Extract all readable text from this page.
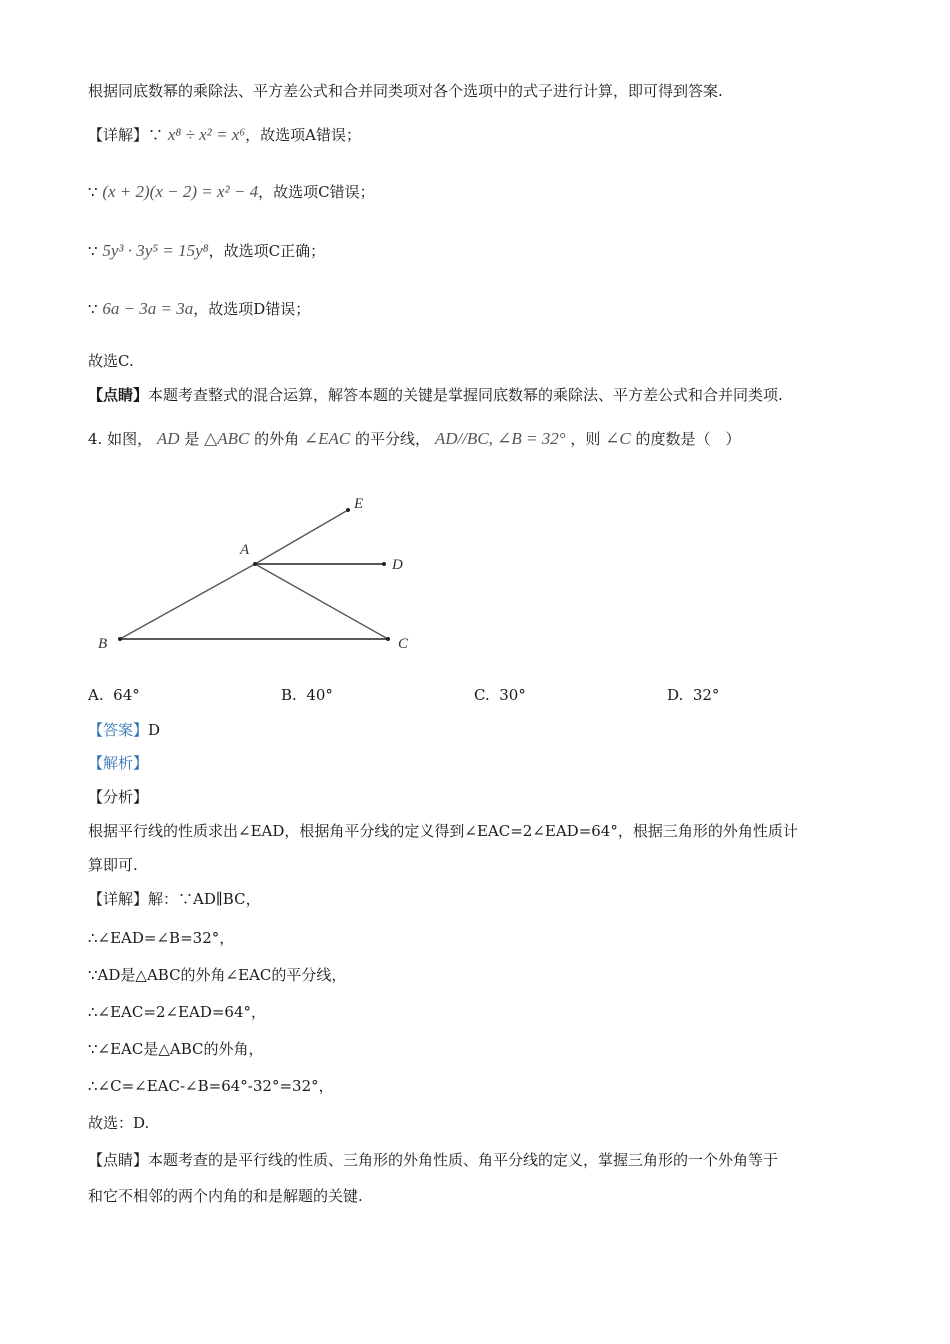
根据同底数幂的乘除法、平方差公式和合并同类项对各个选项中的式子进行计算，即可得到答案.
【详解】∵ x⁸ ÷ x² = x⁶，故选项A错误；
∵ (x + 2)(x − 2) = x² − 4，故选项C错误；
∵ 5y³ · 3y⁵ = 15y⁸，故选项C正确；
∵ 6a − 3a = 3a，故选项D错误；
故选C.
【点睛】本题考查整式的混合运算，解答本题的关键是掌握同底数幂的乘除法、平方差公式和合并同类项.
4. 如图， AD 是 △ABC 的外角 ∠EAC 的平分线， AD//BC, ∠B = 32° ，则 ∠C 的度数是（　）
E
A
D
B	C
A. 64°	B. 40°	C. 30°	D. 32°
【答案】D
【解析】
【分析】
根据平行线的性质求出∠EAD，根据角平分线的定义得到∠EAC=2∠EAD=64°，根据三角形的外角性质计
算即可.
【详解】解：∵AD∥BC，
∴∠EAD=∠B=32°，
∵AD是△ABC的外角∠EAC的平分线，
∴∠EAC=2∠EAD=64°，
∵∠EAC是△ABC的外角，
∴∠C=∠EAC-∠B=64°-32°=32°，
故选：D.
【点睛】本题考查的是平行线的性质、三角形的外角性质、角平分线的定义，掌握三角形的一个外角等于
和它不相邻的两个内角的和是解题的关键.
